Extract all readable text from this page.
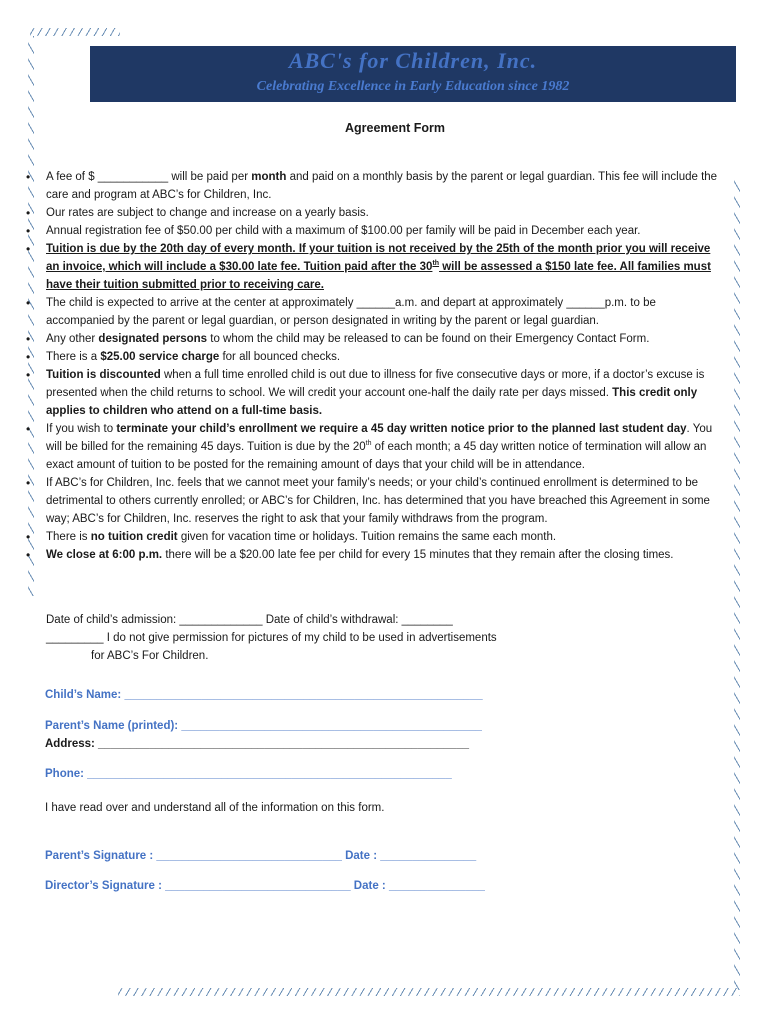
ABC's for Children, Inc.
Celebrating Excellence in Early Education since 1982
Agreement Form
• A fee of $ ___________ will be paid per month and paid on a monthly basis by the parent or legal guardian. This fee will include the care and program at ABC’s for Children, Inc.
• Our rates are subject to change and increase on a yearly basis.
• Annual registration fee of $50.00 per child with a maximum of $100.00 per family will be paid in December each year.
• Tuition is due by the 20th day of every month. If your tuition is not received by the 25th of the month prior you will receive an invoice, which will include a $30.00 late fee. Tuition paid after the 30th will be assessed a $150 late fee. All families must have their tuition submitted prior to receiving care.
• The child is expected to arrive at the center at approximately ______a.m. and depart at approximately ______p.m. to be accompanied by the parent or legal guardian, or person designated in writing by the parent or legal guardian.
• Any other designated persons to whom the child may be released to can be found on their Emergency Contact Form.
• There is a $25.00 service charge for all bounced checks.
• Tuition is discounted when a full time enrolled child is out due to illness for five consecutive days or more, if a doctor’s excuse is presented when the child returns to school. We will credit your account one-half the daily rate per days missed. This credit only applies to children who attend on a full-time basis.
• If you wish to terminate your child’s enrollment we require a 45 day written notice prior to the planned last student day. You will be billed for the remaining 45 days. Tuition is due by the 20th of each month; a 45 day written notice of termination will allow an exact amount of tuition to be posted for the remaining amount of days that your child will be in attendance.
• If ABC’s for Children, Inc. feels that we cannot meet your family’s needs; or your child’s continued enrollment is determined to be detrimental to others currently enrolled; or ABC’s for Children, Inc. has determined that you have breached this Agreement in some way; ABC’s for Children, Inc. reserves the right to ask that your family withdraws from the program.
• There is no tuition credit given for vacation time or holidays. Tuition remains the same each month.
• We close at 6:00 p.m. there will be a $20.00 late fee per child for every 15 minutes that they remain after the closing times.
Date of child’s admission: _____________ Date of child’s withdrawal: ________
_________ I do not give permission for pictures of my child to be used in advertisements
for ABC’s For Children.
Child’s Name: ________________________________________________________
Parent’s Name (printed): _______________________________________________
Address: __________________________________________________________
Phone: _________________________________________________________
I have read over and understand all of the information on this form.
Parent’s Signature : _____________________________ Date : _______________
Director’s Signature : _____________________________ Date : _______________
